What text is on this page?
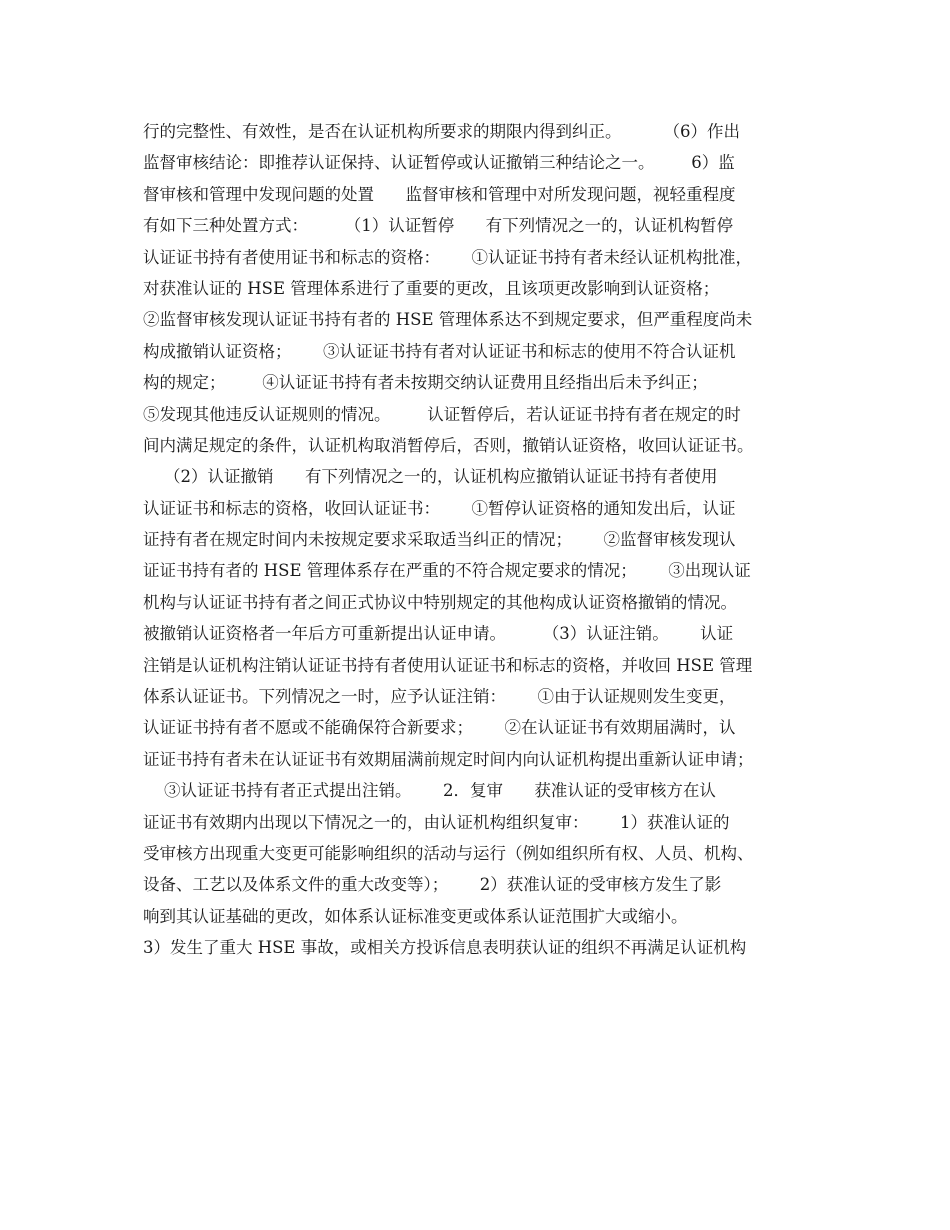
行的完整性、有效性，是否在认证机构所要求的期限内得到纠正。        （6）作出
监督审核结论：即推荐认证保持、认证暂停或认证撤销三种结论之一。       6）监
督审核和管理中发现问题的处置      监督审核和管理中对所发现问题，视轻重程度
有如下三种处置方式：       （1）认证暂停      有下列情况之一的，认证机构暂停
认证证书持有者使用证书和标志的资格：      ①认证证书持有者未经认证机构批准，
对获准认证的 HSE 管理体系进行了重要的更改，且该项更改影响到认证资格；
②监督审核发现认证证书持有者的 HSE 管理体系达不到规定要求，但严重程度尚未
构成撤销认证资格；      ③认证证书持有者对认证证书和标志的使用不符合认证机
构的规定；       ④认证证书持有者未按期交纳认证费用且经指出后未予纠正；
⑤发现其他违反认证规则的情况。       认证暂停后，若认证证书持有者在规定的时
间内满足规定的条件，认证机构取消暂停后，否则，撤销认证资格，收回认证证书。
（2）认证撤销      有下列情况之一的，认证机构应撤销认证证书持有者使用
认证证书和标志的资格，收回认证证书：      ①暂停认证资格的通知发出后，认证
证持有者在规定时间内未按规定要求采取适当纠正的情况；      ②监督审核发现认
证证书持有者的 HSE 管理体系存在严重的不符合规定要求的情况；      ③出现认证
机构与认证证书持有者之间正式协议中特别规定的其他构成认证资格撤销的情况。
被撤销认证资格者一年后方可重新提出认证申请。       （3）认证注销。      认证
注销是认证机构注销认证证书持有者使用认证证书和标志的资格，并收回 HSE 管理
体系认证证书。下列情况之一时，应予认证注销：      ①由于认证规则发生变更，
认证证书持有者不愿或不能确保符合新要求；      ②在认证证书有效期届满时，认
证证书持有者未在认证证书有效期届满前规定时间内向认证机构提出重新认证申请；
③认证证书持有者正式提出注销。      2．复审      获准认证的受审核方在认
证证书有效期内出现以下情况之一的，由认证机构组织复审：      1）获准认证的
受审核方出现重大变更可能影响组织的活动与运行（例如组织所有权、人员、机构、
设备、工艺以及体系文件的重大改变等）；      2）获准认证的受审核方发生了影
响到其认证基础的更改，如体系认证标准变更或体系认证范围扩大或缩小。
3）发生了重大 HSE 事故，或相关方投诉信息表明获认证的组织不再满足认证机构
